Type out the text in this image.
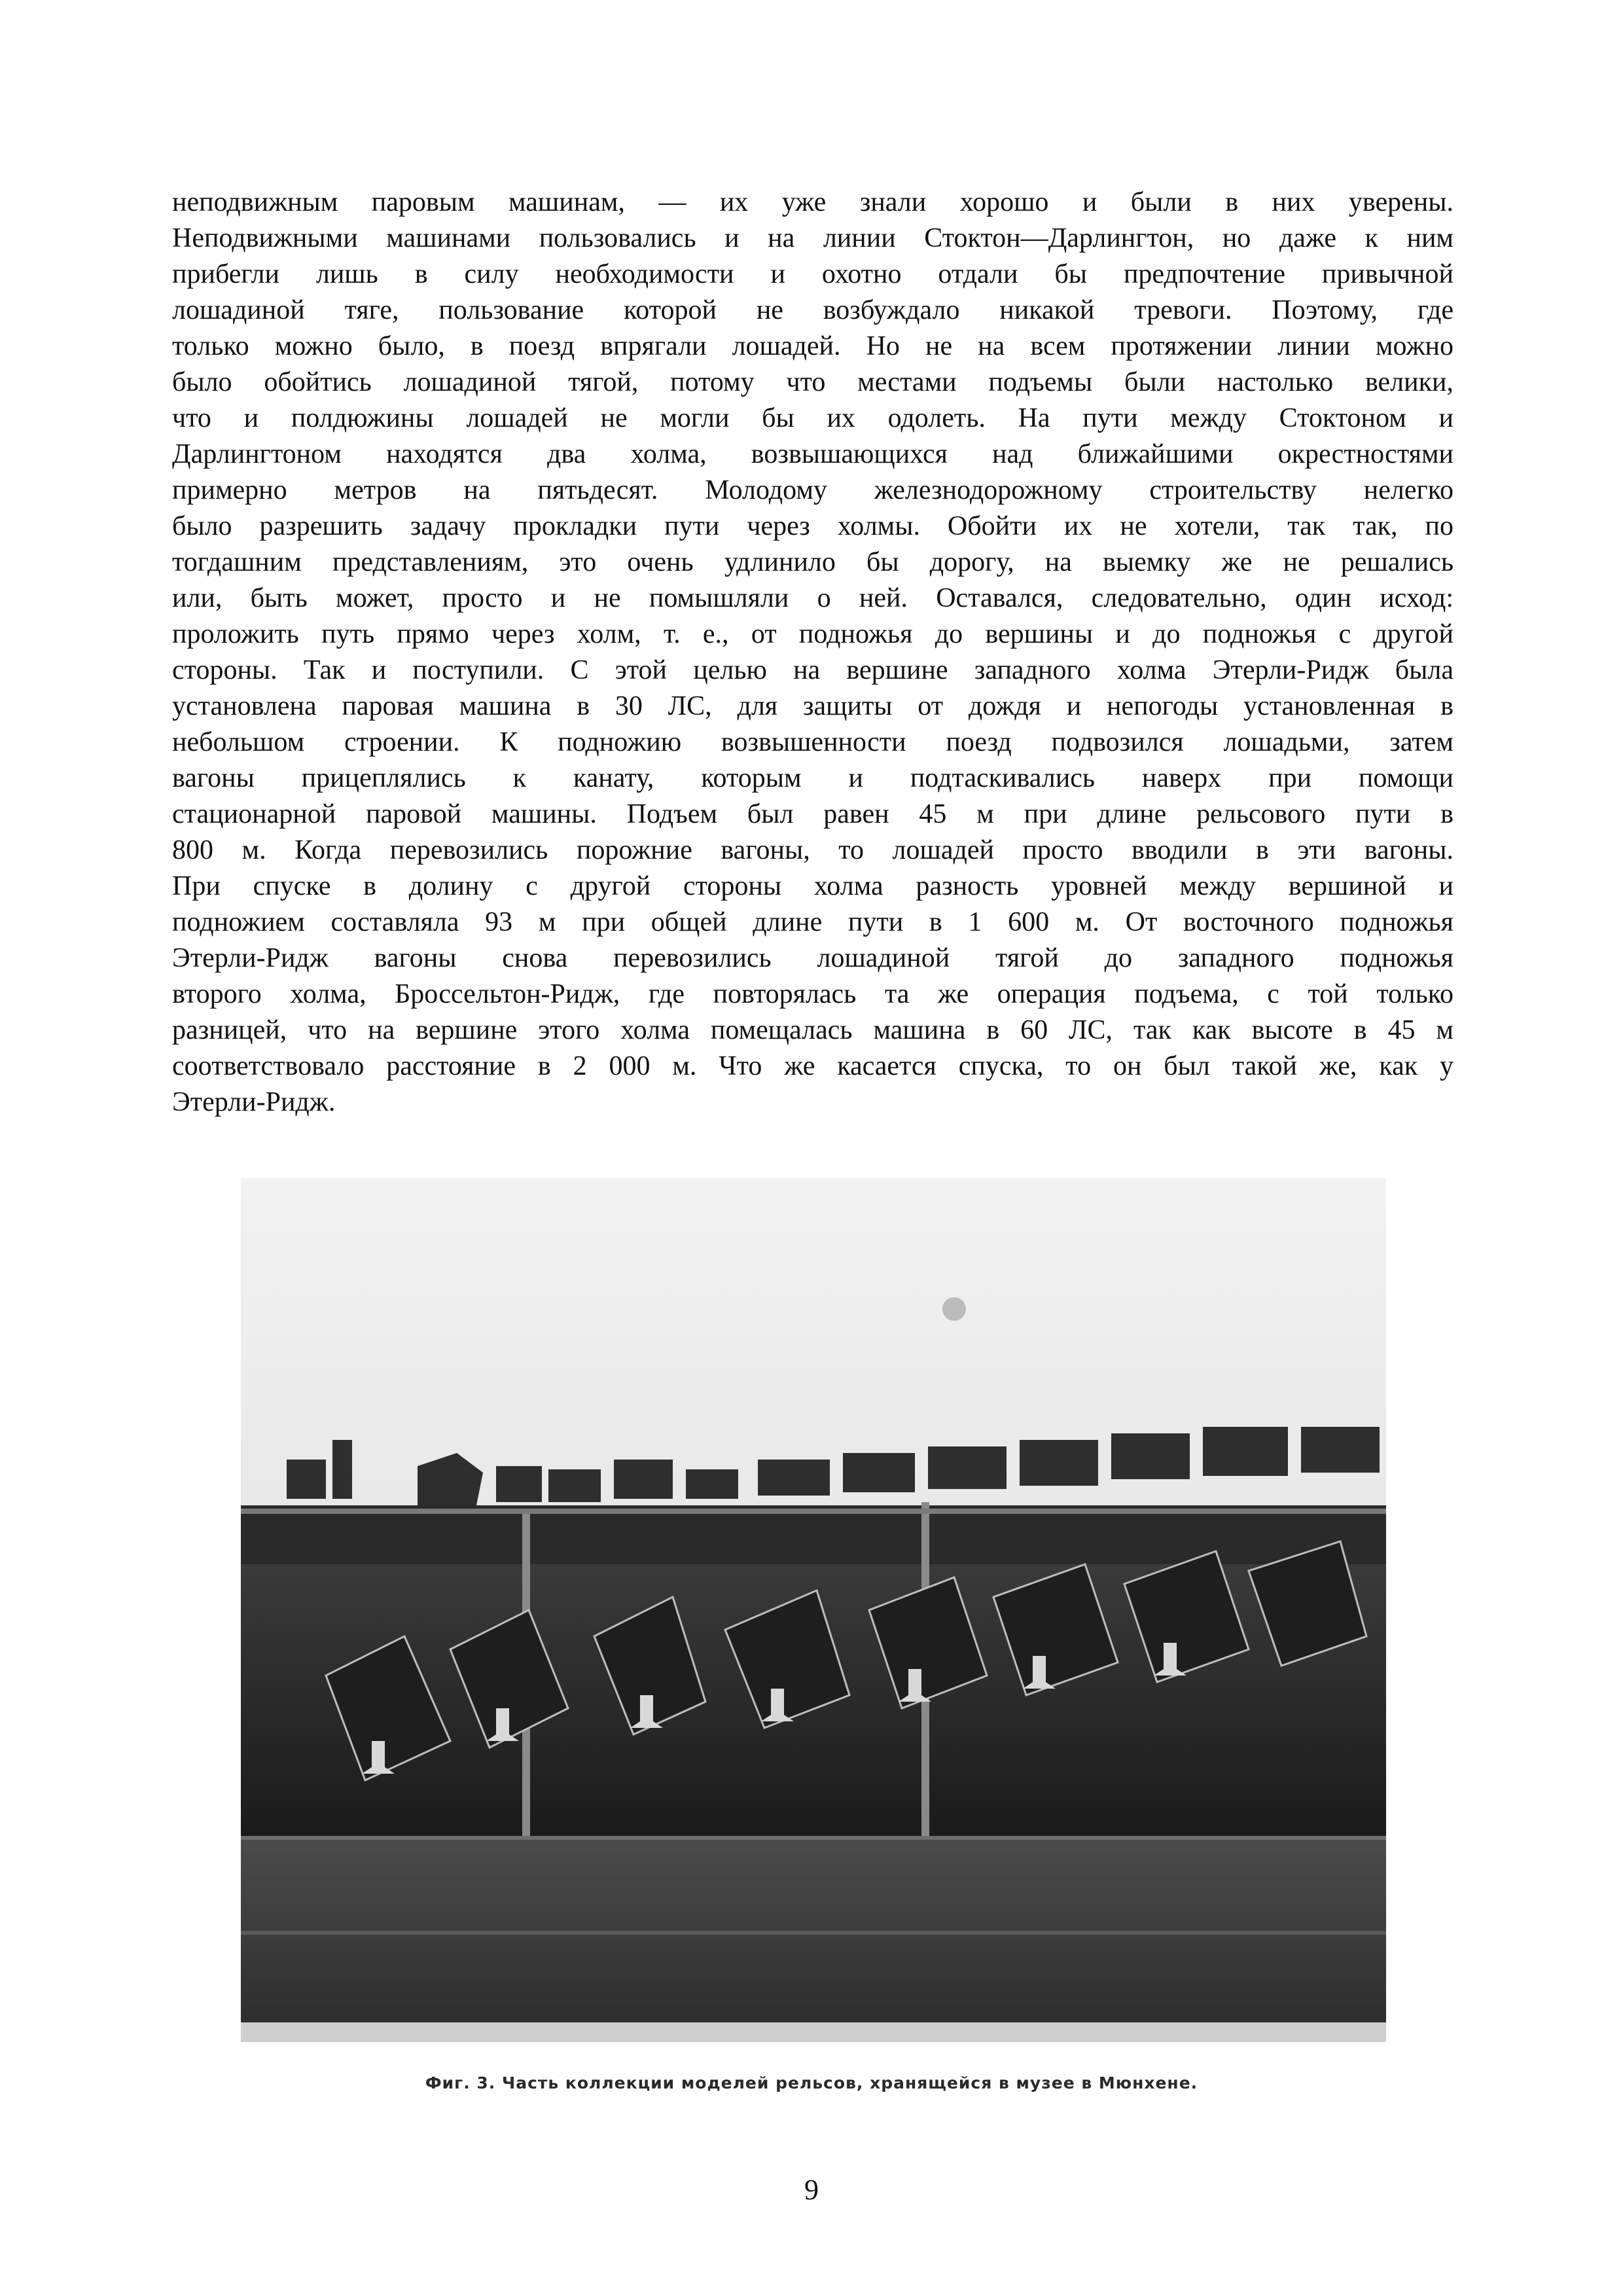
неподвижным паровым машинам, — их уже знали хорошо и были в них уверены.
Неподвижными машинами пользовались и на линии Стоктон—Дарлингтон, но даже к ним
прибегли лишь в силу необходимости и охотно отдали бы предпочтение привычной
лошадиной тяге, пользование которой не возбуждало никакой тревоги. Поэтому, где
только можно было, в поезд впрягали лошадей. Но не на всем протяжении линии можно
было обойтись лошадиной тягой, потому что местами подъемы были настолько велики,
что и полдюжины лошадей не могли бы их одолеть. На пути между Стоктоном и
Дарлингтоном находятся два холма, возвышающихся над ближайшими окрестностями
примерно метров на пятьдесят. Молодому железнодорожному строительству нелегко
было разрешить задачу прокладки пути через холмы. Обойти их не хотели, так так, по
тогдашним представлениям, это очень удлинило бы дорогу, на выемку же не решались
или, быть может, просто и не помышляли о ней. Оставался, следовательно, один исход:
проложить путь прямо через холм, т. е., от подножья до вершины и до подножья с другой
стороны. Так и поступили. С этой целью на вершине западного холма Этерли-Ридж была
установлена паровая машина в 30 ЛС, для защиты от дождя и непогоды установленная в
небольшом строении. К подножию возвышенности поезд подвозился лошадьми, затем
вагоны прицеплялись к канату, которым и подтаскивались наверх при помощи
стационарной паровой машины. Подъем был равен 45 м при длине рельсового пути в
800 м. Когда перевозились порожние вагоны, то лошадей просто вводили в эти вагоны.
При спуске в долину с другой стороны холма разность уровней между вершиной и
подножием составляла 93 м при общей длине пути в 1 600 м. От восточного подножья
Этерли-Ридж вагоны снова перевозились лошадиной тягой до западного подножья
второго холма, Броссельтон-Ридж, где повторялась та же операция подъема, с той только
разницей, что на вершине этого холма помещалась машина в 60 ЛС, так как высоте в 45 м
соответствовало расстояние в 2 000 м. Что же касается спуска, то он был такой же, как у
Этерли-Ридж.
Фиг. 3. Часть коллекции моделей рельсов, хранящейся в музее в Мюнхене.
9
